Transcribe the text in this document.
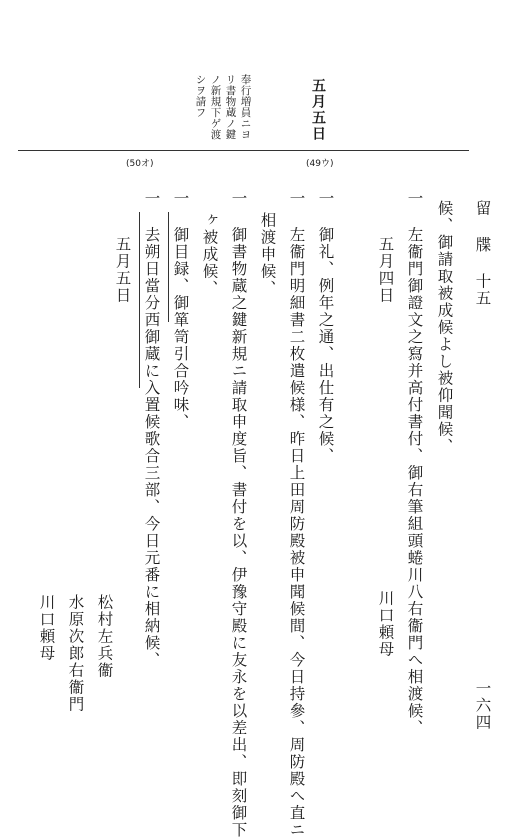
留 牒 十五
一六四
五月五日
奉行増員ニヨ
リ書物蔵ノ鍵
ノ新規下ゲ渡
シヲ請フ
(49ウ)
(50オ)
候、御請取被成候よし被仰聞候、
一 左衞門御證文之寫并高付書付、御右筆組頭蜷川八右衞門へ相渡候、
五月四日
川口頼母
一 御礼、例年之通、出仕有之候、
一 左衞門明細書二枚遣候様、昨日上田周防殿被申聞候間、今日持參、周防殿へ直ニ
相渡申候、
一 御書物蔵之鍵新規ニ請取申度旨、書付を以、伊豫守殿に友永を以差出、即刻御下
ヶ被成候、
一 御目録、御箪笥引合吟味、
一 去朔日當分西御蔵に入置候歌合三部、今日元番に相納候、
五月五日
松村左兵衞
水原次郎右衞門
川口頼母
